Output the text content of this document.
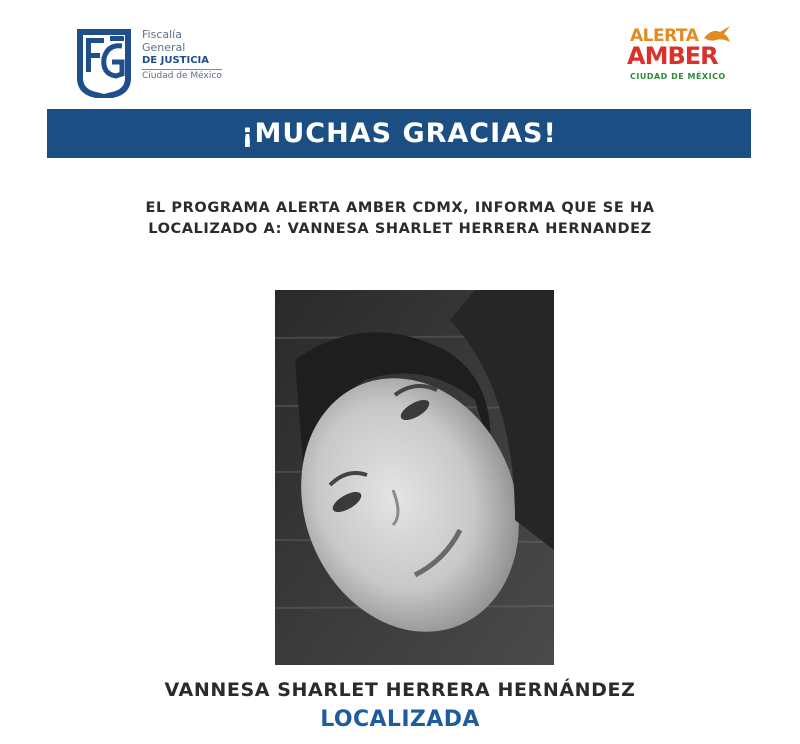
Fiscalía
General
DE JUSTICIA
Ciudad de México
ALERTA
AMBER
CIUDAD DE MÉXICO
¡MUCHAS GRACIAS!
EL PROGRAMA ALERTA AMBER CDMX, INFORMA QUE SE HA
LOCALIZADO A: VANNESA SHARLET HERRERA HERNANDEZ
VANNESA SHARLET HERRERA HERNÁNDEZ
LOCALIZADA
